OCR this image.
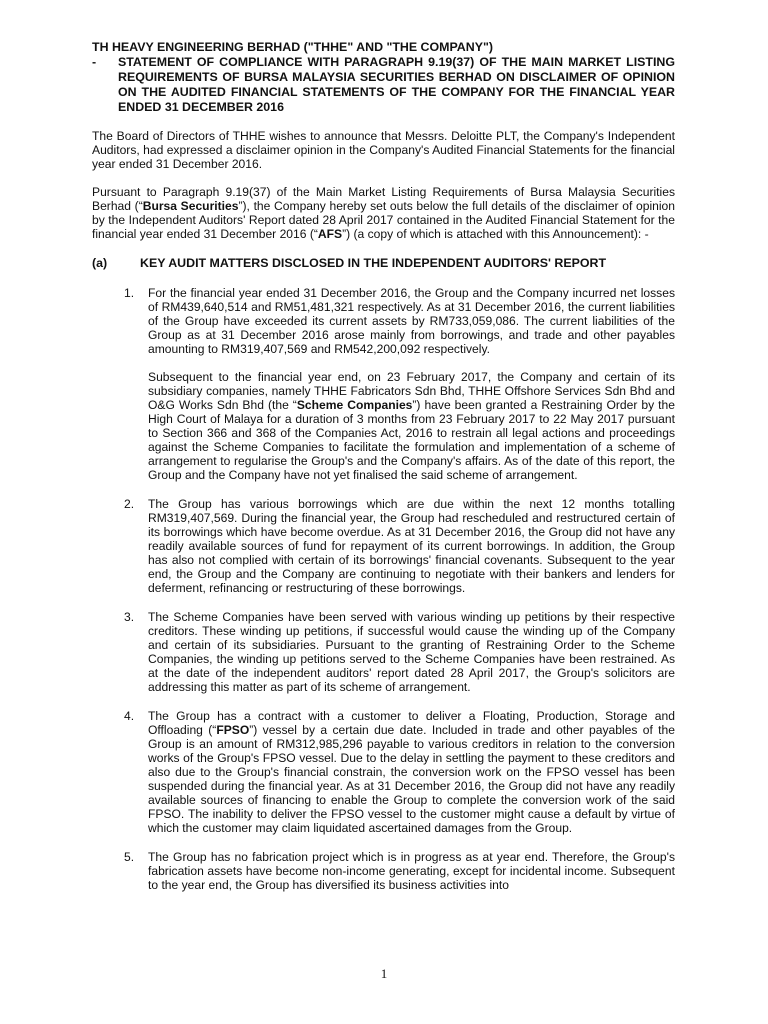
TH HEAVY ENGINEERING BERHAD ("THHE" AND "THE COMPANY")
- STATEMENT OF COMPLIANCE WITH PARAGRAPH 9.19(37) OF THE MAIN MARKET LISTING REQUIREMENTS OF BURSA MALAYSIA SECURITIES BERHAD ON DISCLAIMER OF OPINION ON THE AUDITED FINANCIAL STATEMENTS OF THE COMPANY FOR THE FINANCIAL YEAR ENDED 31 DECEMBER 2016

The Board of Directors of THHE wishes to announce that Messrs. Deloitte PLT, the Company's Independent Auditors, had expressed a disclaimer opinion in the Company's Audited Financial Statements for the financial year ended 31 December 2016.

Pursuant to Paragraph 9.19(37) of the Main Market Listing Requirements of Bursa Malaysia Securities Berhad (“Bursa Securities”), the Company hereby set outs below the full details of the disclaimer of opinion by the Independent Auditors' Report dated 28 April 2017 contained in the Audited Financial Statement for the financial year ended 31 December 2016 (“AFS”) (a copy of which is attached with this Announcement): -

(a)	KEY AUDIT MATTERS DISCLOSED IN THE INDEPENDENT AUDITORS' REPORT
1. For the financial year ended 31 December 2016, the Group and the Company incurred net losses of RM439,640,514 and RM51,481,321 respectively. As at 31 December 2016, the current liabilities of the Group have exceeded its current assets by RM733,059,086. The current liabilities of the Group as at 31 December 2016 arose mainly from borrowings, and trade and other payables amounting to RM319,407,569 and RM542,200,092 respectively.

Subsequent to the financial year end, on 23 February 2017, the Company and certain of its subsidiary companies, namely THHE Fabricators Sdn Bhd, THHE Offshore Services Sdn Bhd and O&G Works Sdn Bhd (the “Scheme Companies”) have been granted a Restraining Order by the High Court of Malaya for a duration of 3 months from 23 February 2017 to 22 May 2017 pursuant to Section 366 and 368 of the Companies Act, 2016 to restrain all legal actions and proceedings against the Scheme Companies to facilitate the formulation and implementation of a scheme of arrangement to regularise the Group's and the Company's affairs. As of the date of this report, the Group and the Company have not yet finalised the said scheme of arrangement.

2. The Group has various borrowings which are due within the next 12 months totalling RM319,407,569. During the financial year, the Group had rescheduled and restructured certain of its borrowings which have become overdue. As at 31 December 2016, the Group did not have any readily available sources of fund for repayment of its current borrowings. In addition, the Group has also not complied with certain of its borrowings' financial covenants. Subsequent to the year end, the Group and the Company are continuing to negotiate with their bankers and lenders for deferment, refinancing or restructuring of these borrowings.

3. The Scheme Companies have been served with various winding up petitions by their respective creditors. These winding up petitions, if successful would cause the winding up of the Company and certain of its subsidiaries. Pursuant to the granting of Restraining Order to the Scheme Companies, the winding up petitions served to the Scheme Companies have been restrained. As at the date of the independent auditors' report dated 28 April 2017, the Group's solicitors are addressing this matter as part of its scheme of arrangement.

4. The Group has a contract with a customer to deliver a Floating, Production, Storage and Offloading (“FPSO”) vessel by a certain due date. Included in trade and other payables of the Group is an amount of RM312,985,296 payable to various creditors in relation to the conversion works of the Group's FPSO vessel. Due to the delay in settling the payment to these creditors and also due to the Group's financial constrain, the conversion work on the FPSO vessel has been suspended during the financial year. As at 31 December 2016, the Group did not have any readily available sources of financing to enable the Group to complete the conversion work of the said FPSO. The inability to deliver the FPSO vessel to the customer might cause a default by virtue of which the customer may claim liquidated ascertained damages from the Group.

5. The Group has no fabrication project which is in progress as at year end. Therefore, the Group's fabrication assets have become non-income generating, except for incidental income. Subsequent to the year end, the Group has diversified its business activities into

1
